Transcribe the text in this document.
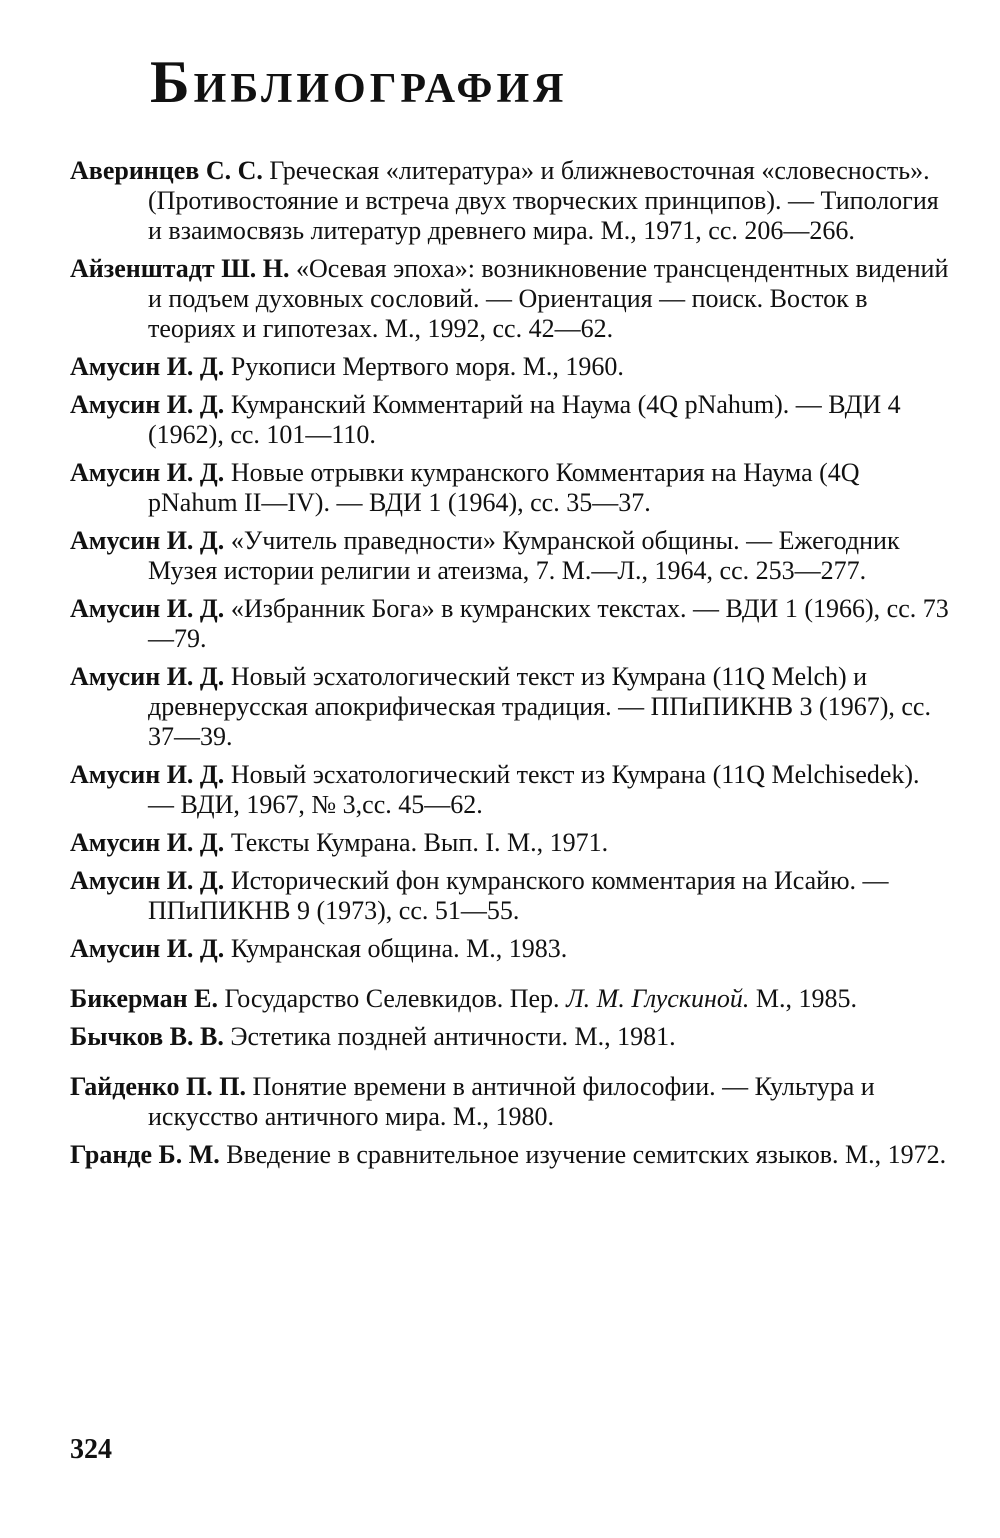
Библиография
Аверинцев С. С. Греческая «литература» и ближневосточная «словесность». (Противостояние и встреча двух творческих принципов). — Типология и взаимосвязь литератур древнего мира. М., 1971, сс. 206—266.
Айзенштадт Ш. Н. «Осевая эпоха»: возникновение трансцендентных видений и подъем духовных сословий. — Ориентация — поиск. Восток в теориях и гипотезах. М., 1992, сс. 42—62.
Амусин И. Д. Рукописи Мертвого моря. М., 1960.
Амусин И. Д. Кумранский Комментарий на Наума (4Q pNahum). — ВДИ 4 (1962), сс. 101—110.
Амусин И. Д. Новые отрывки кумранского Комментария на Наума (4Q pNahum II—IV). — ВДИ 1 (1964), сс. 35—37.
Амусин И. Д. «Учитель праведности» Кумранской общины. — Ежегодник Музея истории религии и атеизма, 7. М.—Л., 1964, сс. 253—277.
Амусин И. Д. «Избранник Бога» в кумранских текстах. — ВДИ 1 (1966), сс. 73—79.
Амусин И. Д. Новый эсхатологический текст из Кумрана (11Q Melch) и древнерусская апокрифическая традиция. — ППиПИКНВ 3 (1967), сс. 37—39.
Амусин И. Д. Новый эсхатологический текст из Кумрана (11Q Melchisedek). — ВДИ, 1967, № 3,сс. 45—62.
Амусин И. Д. Тексты Кумрана. Вып. I. М., 1971.
Амусин И. Д. Исторический фон кумранского комментария на Исайю. — ППиПИКНВ 9 (1973), сс. 51—55.
Амусин И. Д. Кумранская община. М., 1983.
Бикерман Е. Государство Селевкидов. Пер. Л. М. Глускиной. М., 1985.
Бычков В. В. Эстетика поздней античности. М., 1981.
Гайденко П. П. Понятие времени в античной философии. — Культура и искусство античного мира. М., 1980.
Гранде Б. М. Введение в сравнительное изучение семитских языков. М., 1972.
324
